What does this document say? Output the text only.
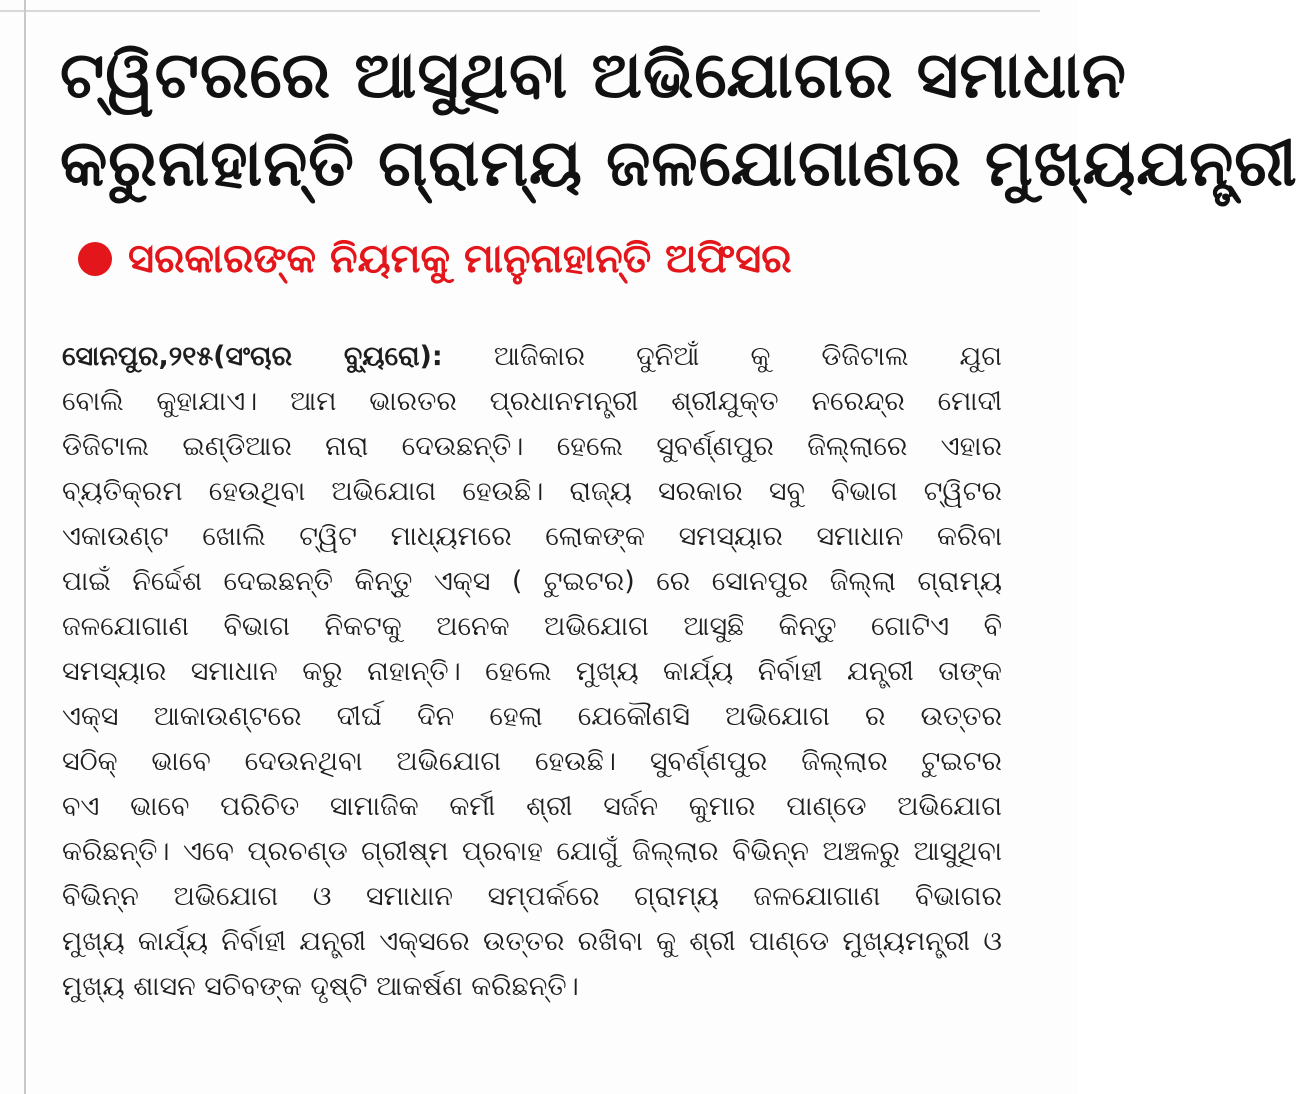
ଟ୍ୱିଟରରେ ଆସୁଥିବା ଅଭିଯୋଗର ସମାଧାନ
କରୁନାହାନ୍ତି ଗ୍ରାମ୍ୟ ଜଳଯୋଗାଣର ମୁଖ୍ୟଯନ୍ତ୍ରୀ
ସରକାରଙ୍କ ନିୟମକୁ ମାନୁନାହାନ୍ତି ଅଫିସର
ସୋନପୁର,୨୧୫(ସଂଚାର ବ୍ୟୁରୋ): ଆଜିକାର ଦୁନିଆଁ କୁ ଡିଜିଟାଲ ଯୁଗ
ବୋଲି କୁହାଯାଏ। ଆମ ଭାରତର ପ୍ରଧାନମନ୍ତ୍ରୀ ଶ୍ରୀଯୁକ୍ତ ନରେନ୍ଦ୍ର ମୋଦୀ
ଡିଜିଟାଲ ଇଣ୍ଡିଆର ନାରା ଦେଉଛନ୍ତି। ହେଲେ ସୁବର୍ଣ୍ଣପୁର ଜିଲ୍ଲାରେ ଏହାର
ବ୍ୟତିକ୍ରମ ହେଉଥିବା ଅଭିଯୋଗ ହେଉଛି। ରାଜ୍ୟ ସରକାର ସବୁ ବିଭାଗ ଟ୍ୱିଟର
ଏକାଉଣ୍ଟ ଖୋଲି ଟ୍ୱିଟ ମାଧ୍ୟମରେ ଲୋକଙ୍କ ସମସ୍ୟାର ସମାଧାନ କରିବା
ପାଇଁ ନିର୍ଦ୍ଦେଶ ଦେଇଛନ୍ତି କିନ୍ତୁ ଏକ୍ସ ( ଟୁଇଟର) ରେ ସୋନପୁର ଜିଲ୍ଲା ଗ୍ରାମ୍ୟ
ଜଳଯୋଗାଣ ବିଭାଗ ନିକଟକୁ ଅନେକ ଅଭିଯୋଗ ଆସୁଛି କିନ୍ତୁ ଗୋଟିଏ ବି
ସମସ୍ୟାର ସମାଧାନ କରୁ ନାହାନ୍ତି। ହେଲେ ମୁଖ୍ୟ କାର୍ଯ୍ୟ ନିର୍ବାହୀ ଯନ୍ତ୍ରୀ ତାଙ୍କ
ଏକ୍ସ ଆକାଉଣ୍ଟରେ ଦୀର୍ଘ ଦିନ ହେଲା ଯେକୌଣସି ଅଭିଯୋଗ ର ଉତ୍ତର
ସଠିକ୍ ଭାବେ ଦେଉନଥିବା ଅଭିଯୋଗ ହେଉଛି। ସୁବର୍ଣ୍ଣପୁର ଜିଲ୍ଲାର ଟୁଇଟର
ବଏ ଭାବେ ପରିଚିତ ସାମାଜିକ କର୍ମୀ ଶ୍ରୀ ସର୍ଜନ କୁମାର ପାଣ୍ଡେ ଅଭିଯୋଗ
କରିଛନ୍ତି। ଏବେ ପ୍ରଚଣ୍ଡ ଗ୍ରୀଷ୍ମ ପ୍ରବାହ ଯୋଗୁଁ ଜିଲ୍ଲାର ବିଭିନ୍ନ ଅଞ୍ଚଳରୁ ଆସୁଥିବା
ବିଭିନ୍ନ ଅଭିଯୋଗ ଓ ସମାଧାନ ସମ୍ପର୍କରେ ଗ୍ରାମ୍ୟ ଜଳଯୋଗାଣ ବିଭାଗର
ମୁଖ୍ୟ କାର୍ଯ୍ୟ ନିର୍ବାହୀ ଯନ୍ତ୍ରୀ ଏକ୍ସରେ ଉତ୍ତର ରଖିବା କୁ ଶ୍ରୀ ପାଣ୍ଡେ ମୁଖ୍ୟମନ୍ତ୍ରୀ ଓ
ମୁଖ୍ୟ ଶାସନ ସଚିବଙ୍କ ଦୃଷ୍ଟି ଆକର୍ଷଣ କରିଛନ୍ତି।
